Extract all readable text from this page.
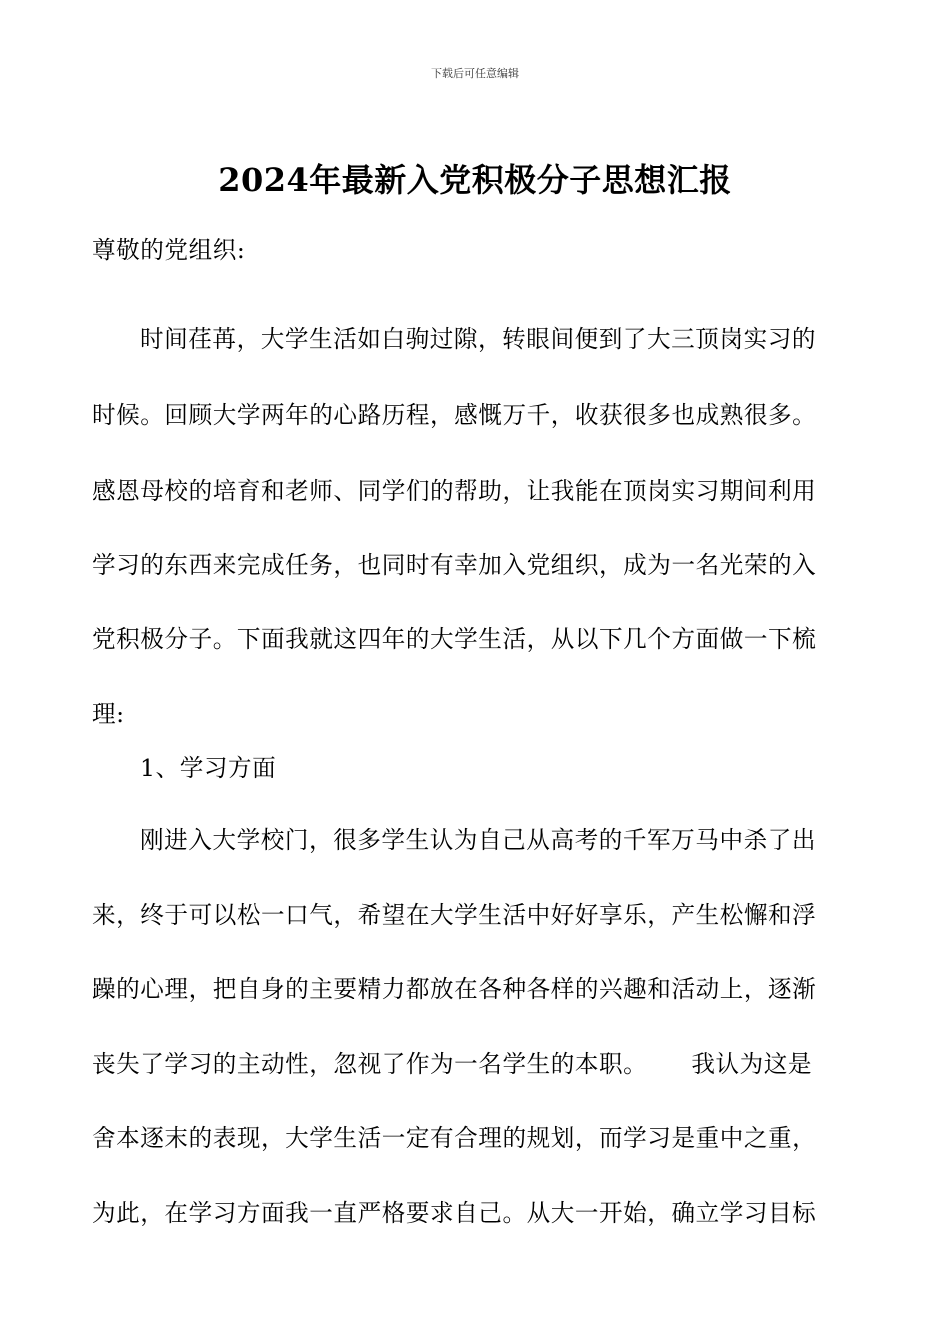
下载后可任意编辑
2024年最新入党积极分子思想汇报
尊敬的党组织:
时间荏苒，大学生活如白驹过隙，转眼间便到了大三顶岗实习的
时候。回顾大学两年的心路历程，感慨万千，收获很多也成熟很多。
感恩母校的培育和老师、同学们的帮助，让我能在顶岗实习期间利用
学习的东西来完成任务，也同时有幸加入党组织，成为一名光荣的入
党积极分子。下面我就这四年的大学生活，从以下几个方面做一下梳
理:
1、学习方面
刚进入大学校门，很多学生认为自己从高考的千军万马中杀了出
来，终于可以松一口气，希望在大学生活中好好享乐，产生松懈和浮
躁的心理，把自身的主要精力都放在各种各样的兴趣和活动上，逐渐
丧失了学习的主动性，忽视了作为一名学生的本职。 我认为这是
舍本逐末的表现，大学生活一定有合理的规划，而学习是重中之重，
为此，在学习方面我一直严格要求自己。从大一开始，确立学习目标
